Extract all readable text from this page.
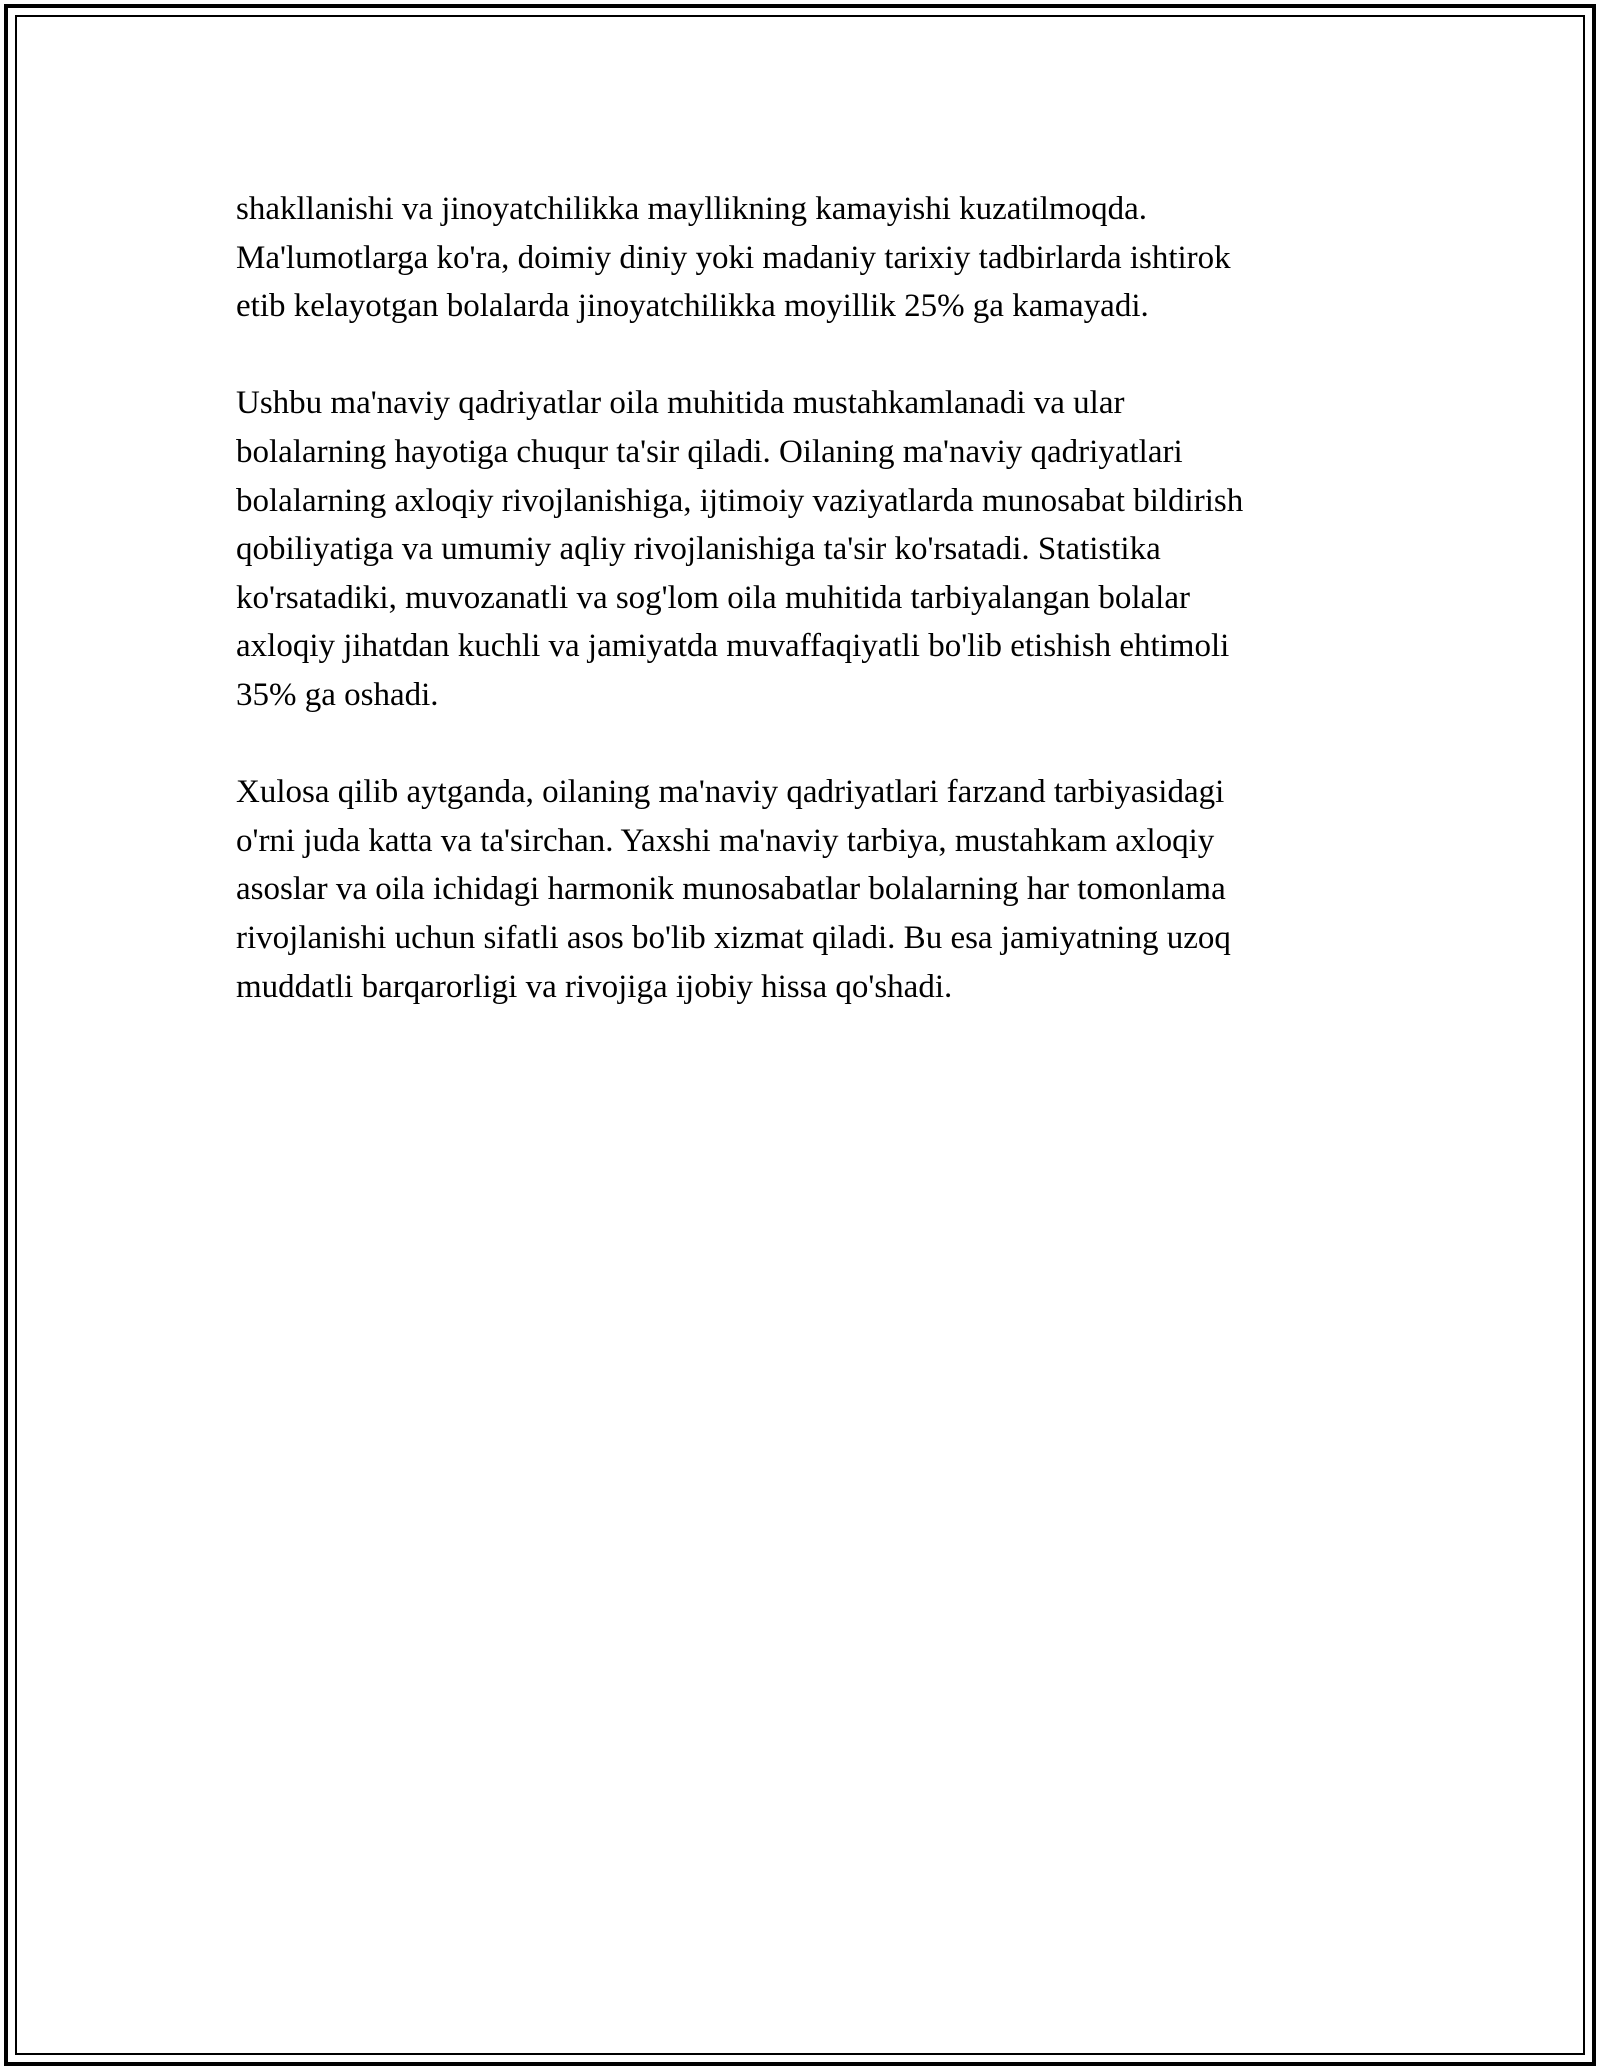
shakllanishi va jinoyatchilikka mayllikning kamayishi kuzatilmoqda.
Ma'lumotlarga ko'ra, doimiy diniy yoki madaniy tarixiy tadbirlarda ishtirok
etib kelayotgan bolalarda jinoyatchilikka moyillik 25% ga kamayadi.

Ushbu ma'naviy qadriyatlar oila muhitida mustahkamlanadi va ular
bolalarning hayotiga chuqur ta'sir qiladi. Oilaning ma'naviy qadriyatlari
bolalarning axloqiy rivojlanishiga, ijtimoiy vaziyatlarda munosabat bildirish
qobiliyatiga va umumiy aqliy rivojlanishiga ta'sir ko'rsatadi. Statistika
ko'rsatadiki, muvozanatli va sog'lom oila muhitida tarbiyalangan bolalar
axloqiy jihatdan kuchli va jamiyatda muvaffaqiyatli bo'lib etishish ehtimoli
35% ga oshadi.

Xulosa qilib aytganda, oilaning ma'naviy qadriyatlari farzand tarbiyasidagi
o'rni juda katta va ta'sirchan. Yaxshi ma'naviy tarbiya, mustahkam axloqiy
asoslar va oila ichidagi harmonik munosabatlar bolalarning har tomonlama
rivojlanishi uchun sifatli asos bo'lib xizmat qiladi. Bu esa jamiyatning uzoq
muddatli barqarorligi va rivojiga ijobiy hissa qo'shadi.
